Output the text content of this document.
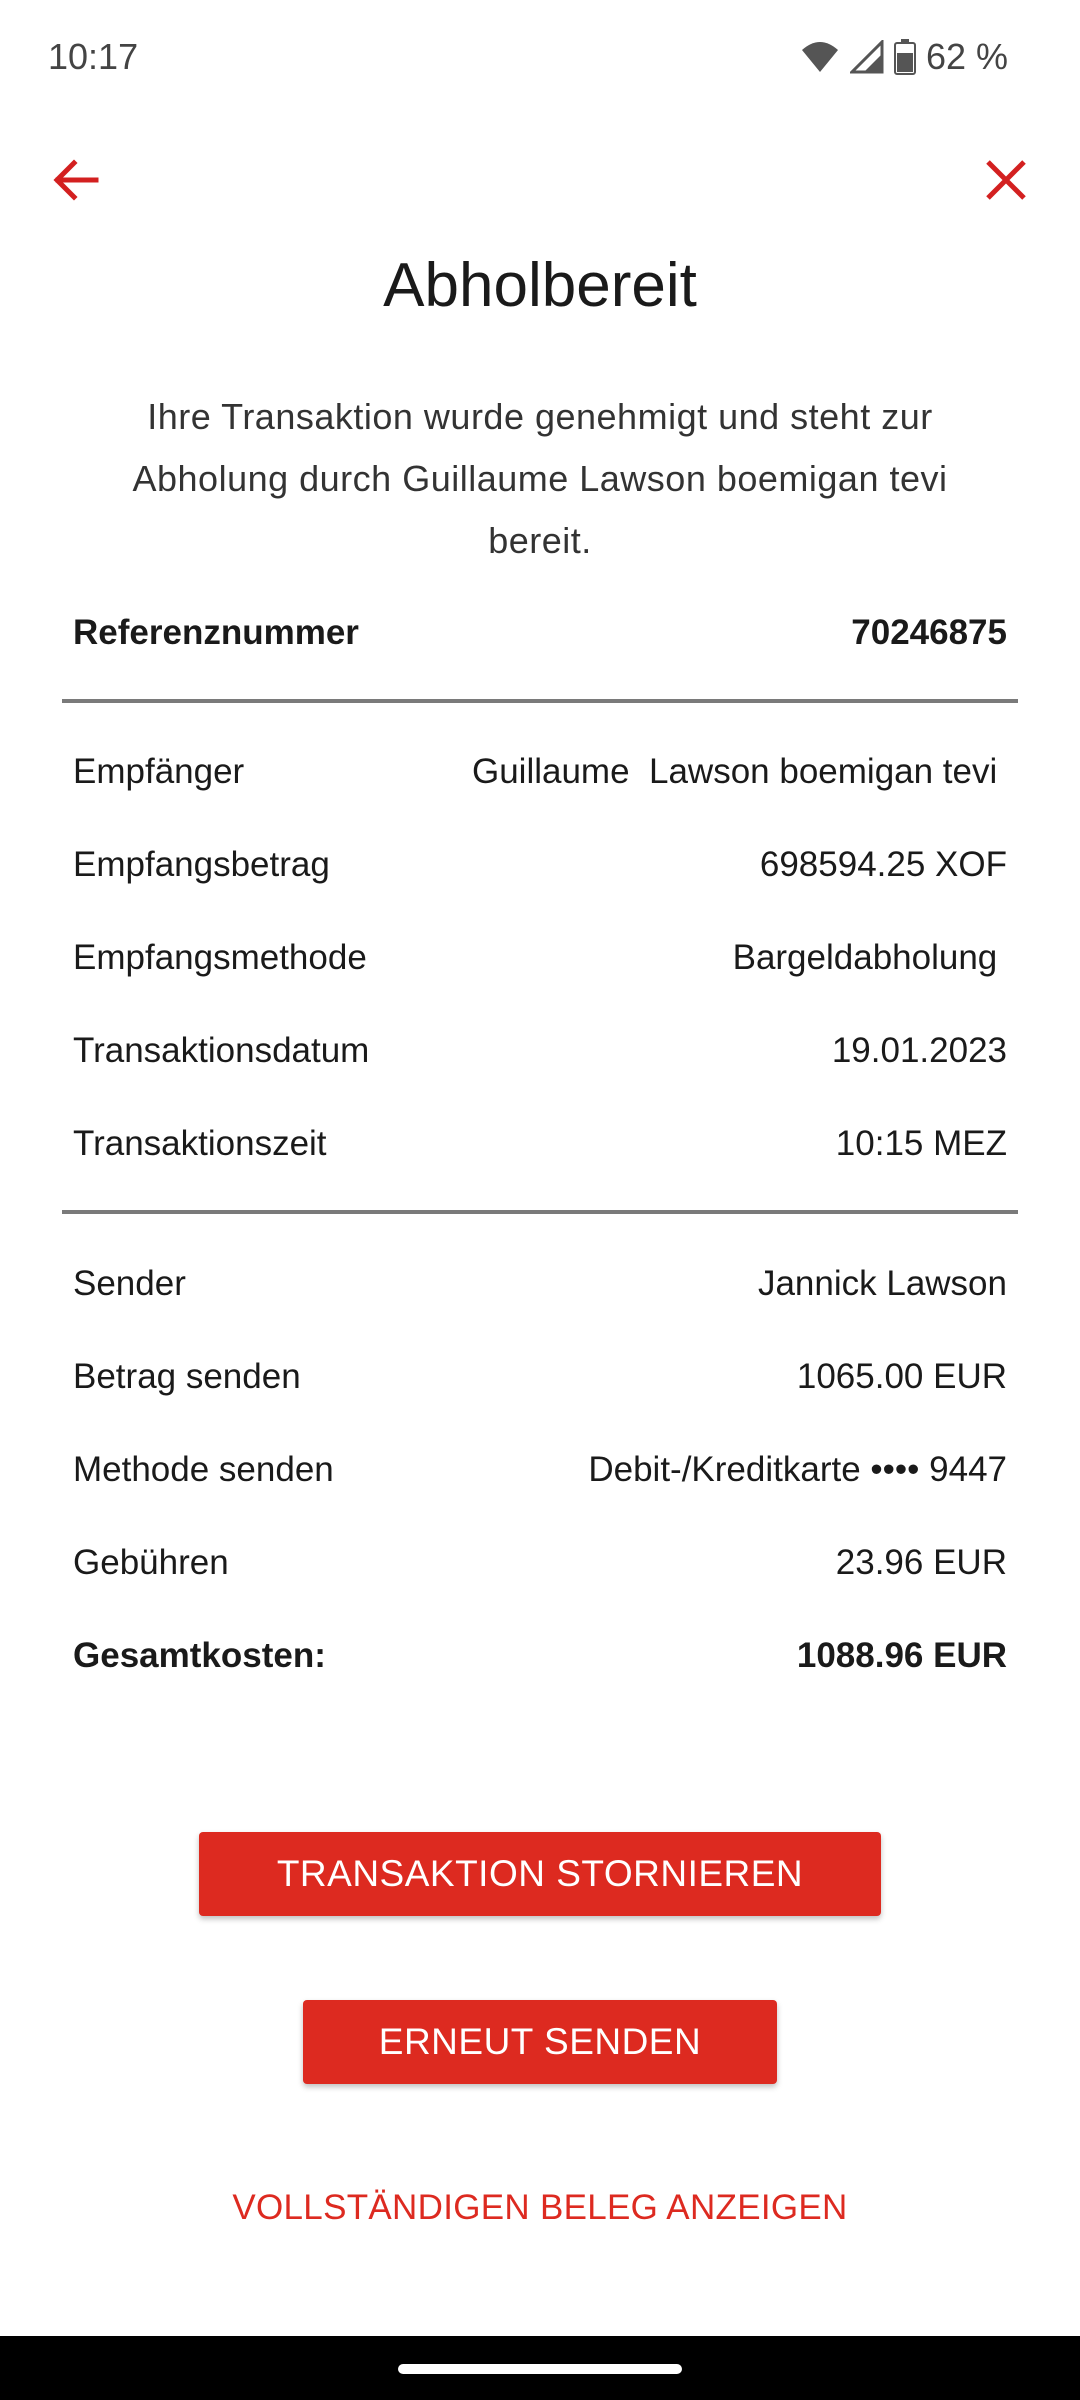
10:17	62 %
Abholbereit
Ihre Transaktion wurde genehmigt und steht zur Abholung durch Guillaume Lawson boemigan tevi bereit.
Referenznummer	70246875
Empfänger	Guillaume  Lawson boemigan tevi
Empfangsbetrag	698594.25 XOF
Empfangsmethode	Bargeldabholung
Transaktionsdatum	19.01.2023
Transaktionszeit	10:15 MEZ
Sender	Jannick Lawson
Betrag senden	1065.00 EUR
Methode senden	Debit-/Kreditkarte •••• 9447
Gebühren	23.96 EUR
Gesamtkosten:	1088.96 EUR
TRANSAKTION STORNIEREN
ERNEUT SENDEN
VOLLSTÄNDIGEN BELEG ANZEIGEN
